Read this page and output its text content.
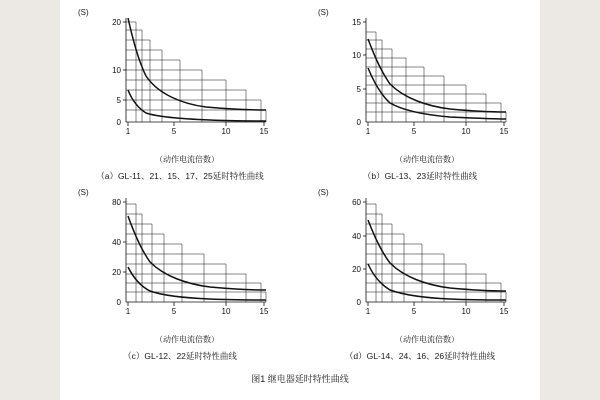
(S)
20
10
5
0
1	5	10	15
（动作电流倍数）
（a）GL‑11、21、15、17、25延时特性曲线
(S)
15
10
5
0
1	5	10	15
（动作电流倍数）
（b）GL‑13、23延时特性曲线
(S)
80
40
20
0
1	5	10	15
（动作电流倍数）
（c）GL‑12、22延时特性曲线
(S)
60
40
20
0
1	5	10	15
（动作电流倍数）
（d）GL‑14、24、16、26延时特性曲线
图1 继电器延时特性曲线
